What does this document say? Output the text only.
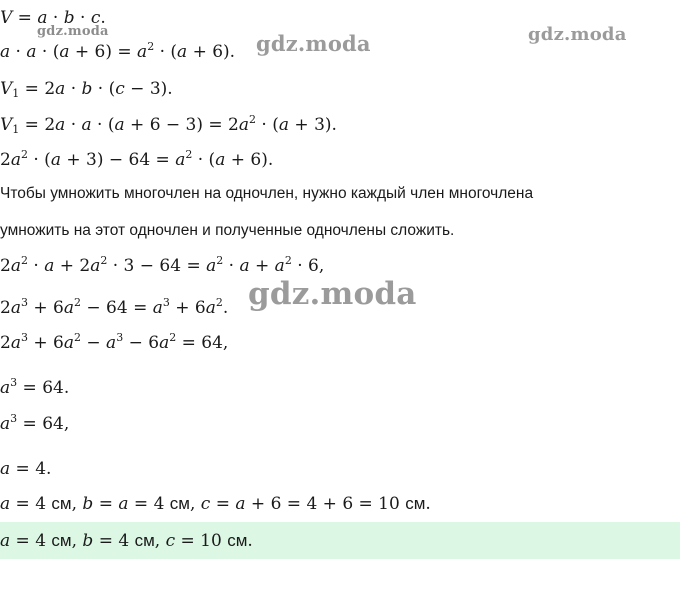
V = a · b · c.
$a \cdot a \cdot (a + 6) = a^2 \cdot (a + 6)$.
$V_1 = 2a \cdot b \cdot (c - 3)$.
$V_1 = 2a \cdot a \cdot (a + 6 - 3) = 2a^2 \cdot (a + 3)$.
$2a^2 \cdot (a + 3) - 64 = a^2 \cdot (a + 6)$.
Чтобы умножить многочлен на одночлен, нужно каждый член многочлена
умножить на этот одночлен и полученные одночлены сложить.
$2a^2 \cdot a + 2a^2 \cdot 3 - 64 = a^2 \cdot a + a^2 \cdot 6$,
$2a^3 + 6a^2 - 64 = a^3 + 6a^2$.
$2a^3 + 6a^2 - a^3 - 6a^2 = 64$,
$a^3 = 64$.
$a^3 = 64$,
a = 4.
a = 4 см, b = a = 4 см, c = a + 6 = 4 + 6 = 10 см.
a = 4 см, b = 4 см, c = 10 см.
gdz.moda	gdz.moda	gdz.moda
gdz.moda
